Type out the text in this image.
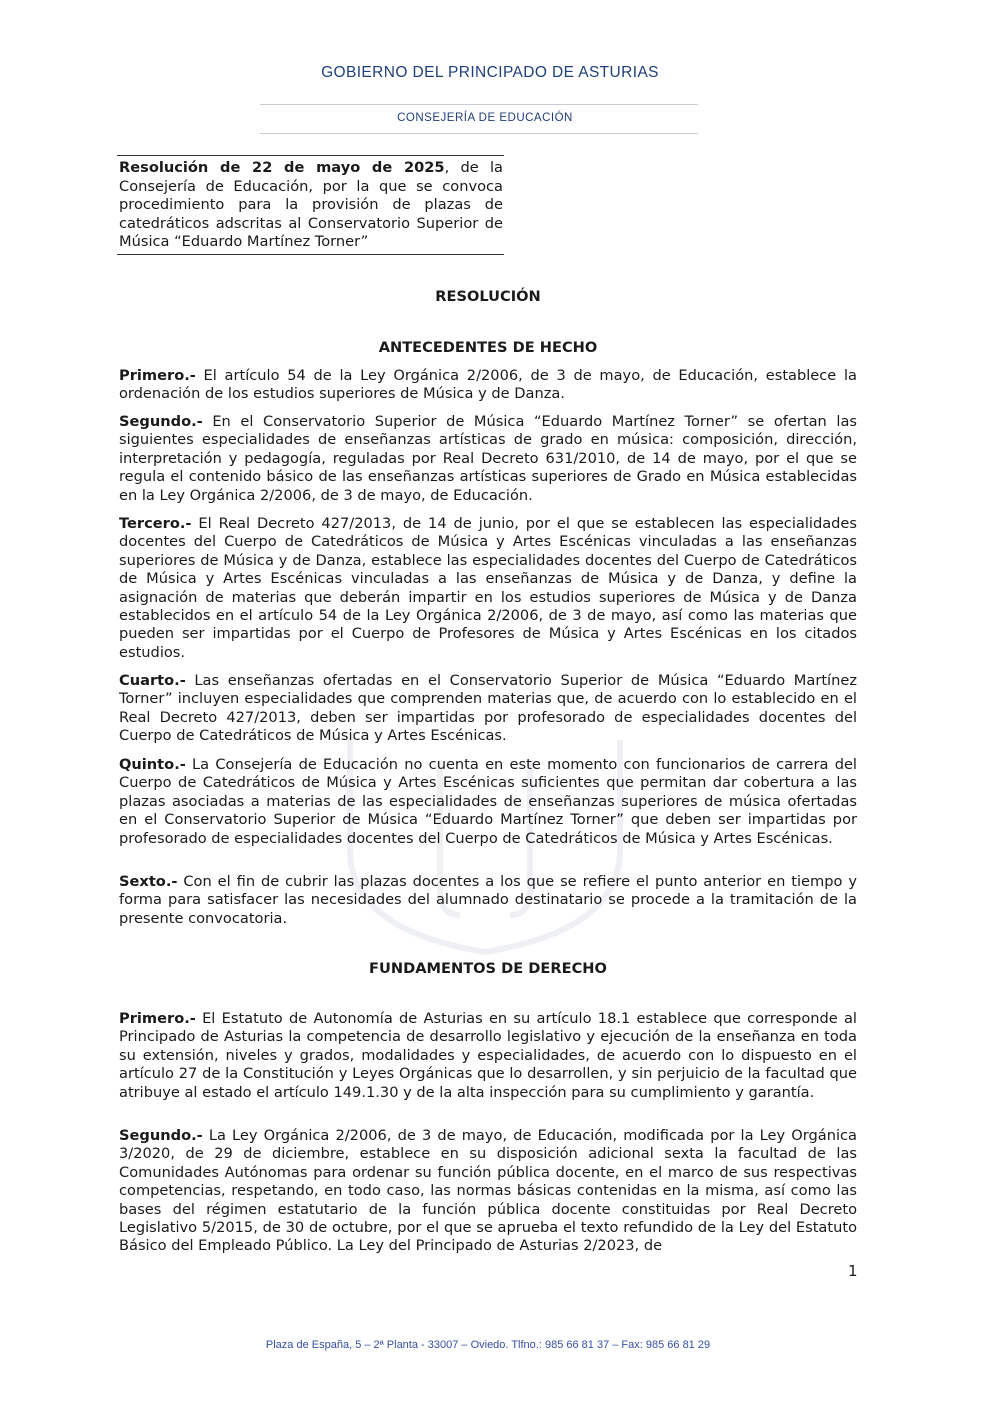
GOBIERNO DEL PRINCIPADO DE ASTURIAS
CONSEJERÍA DE EDUCACIÓN
Resolución de 22 de mayo de 2025, de la Consejería de Educación, por la que se convoca procedimiento para la provisión de plazas de catedráticos adscritas al Conservatorio Superior de Música “Eduardo Martínez Torner”
RESOLUCIÓN
ANTECEDENTES DE HECHO
Primero.- El artículo 54 de la Ley Orgánica 2/2006, de 3 de mayo, de Educación, establece la ordenación de los estudios superiores de Música y de Danza.
Segundo.- En el Conservatorio Superior de Música “Eduardo Martínez Torner” se ofertan las siguientes especialidades de enseñanzas artísticas de grado en música: composición, dirección, interpretación y pedagogía, reguladas por Real Decreto 631/2010, de 14 de mayo, por el que se regula el contenido básico de las enseñanzas artísticas superiores de Grado en Música establecidas en la Ley Orgánica 2/2006, de 3 de mayo, de Educación.
Tercero.- El Real Decreto 427/2013, de 14 de junio, por el que se establecen las especialidades docentes del Cuerpo de Catedráticos de Música y Artes Escénicas vinculadas a las enseñanzas superiores de Música y de Danza, establece las especialidades docentes del Cuerpo de Catedráticos de Música y Artes Escénicas vinculadas a las enseñanzas de Música y de Danza, y define la asignación de materias que deberán impartir en los estudios superiores de Música y de Danza establecidos en el artículo 54 de la Ley Orgánica 2/2006, de 3 de mayo, así como las materias que pueden ser impartidas por el Cuerpo de Profesores de Música y Artes Escénicas en los citados estudios.
Cuarto.- Las enseñanzas ofertadas en el Conservatorio Superior de Música “Eduardo Martínez Torner” incluyen especialidades que comprenden materias que, de acuerdo con lo establecido en el Real Decreto 427/2013, deben ser impartidas por profesorado de especialidades docentes del Cuerpo de Catedráticos de Música y Artes Escénicas.
Quinto.- La Consejería de Educación no cuenta en este momento con funcionarios de carrera del Cuerpo de Catedráticos de Música y Artes Escénicas suficientes que permitan dar cobertura a las plazas asociadas a materias de las especialidades de enseñanzas superiores de música ofertadas en el Conservatorio Superior de Música “Eduardo Martínez Torner” que deben ser impartidas por profesorado de especialidades docentes del Cuerpo de Catedráticos de Música y Artes Escénicas.
Sexto.- Con el fin de cubrir las plazas docentes a los que se refiere el punto anterior en tiempo y forma para satisfacer las necesidades del alumnado destinatario se procede a la tramitación de la presente convocatoria.
FUNDAMENTOS DE DERECHO
Primero.- El Estatuto de Autonomía de Asturias en su artículo 18.1 establece que corresponde al Principado de Asturias la competencia de desarrollo legislativo y ejecución de la enseñanza en toda su extensión, niveles y grados, modalidades y especialidades, de acuerdo con lo dispuesto en el artículo 27 de la Constitución y Leyes Orgánicas que lo desarrollen, y sin perjuicio de la facultad que atribuye al estado el artículo 149.1.30 y de la alta inspección para su cumplimiento y garantía.
Segundo.- La Ley Orgánica 2/2006, de 3 de mayo, de Educación, modificada por la Ley Orgánica 3/2020, de 29 de diciembre, establece en su disposición adicional sexta la facultad de las Comunidades Autónomas para ordenar su función pública docente, en el marco de sus respectivas competencias, respetando, en todo caso, las normas básicas contenidas en la misma, así como las bases del régimen estatutario de la función pública docente constituidas por Real Decreto Legislativo 5/2015, de 30 de octubre, por el que se aprueba el texto refundido de la Ley del Estatuto Básico del Empleado Público. La Ley del Principado de Asturias 2/2023, de
1
Plaza de España, 5 – 2ª Planta - 33007 – Oviedo. Tlfno.: 985 66 81 37 – Fax: 985 66 81 29
